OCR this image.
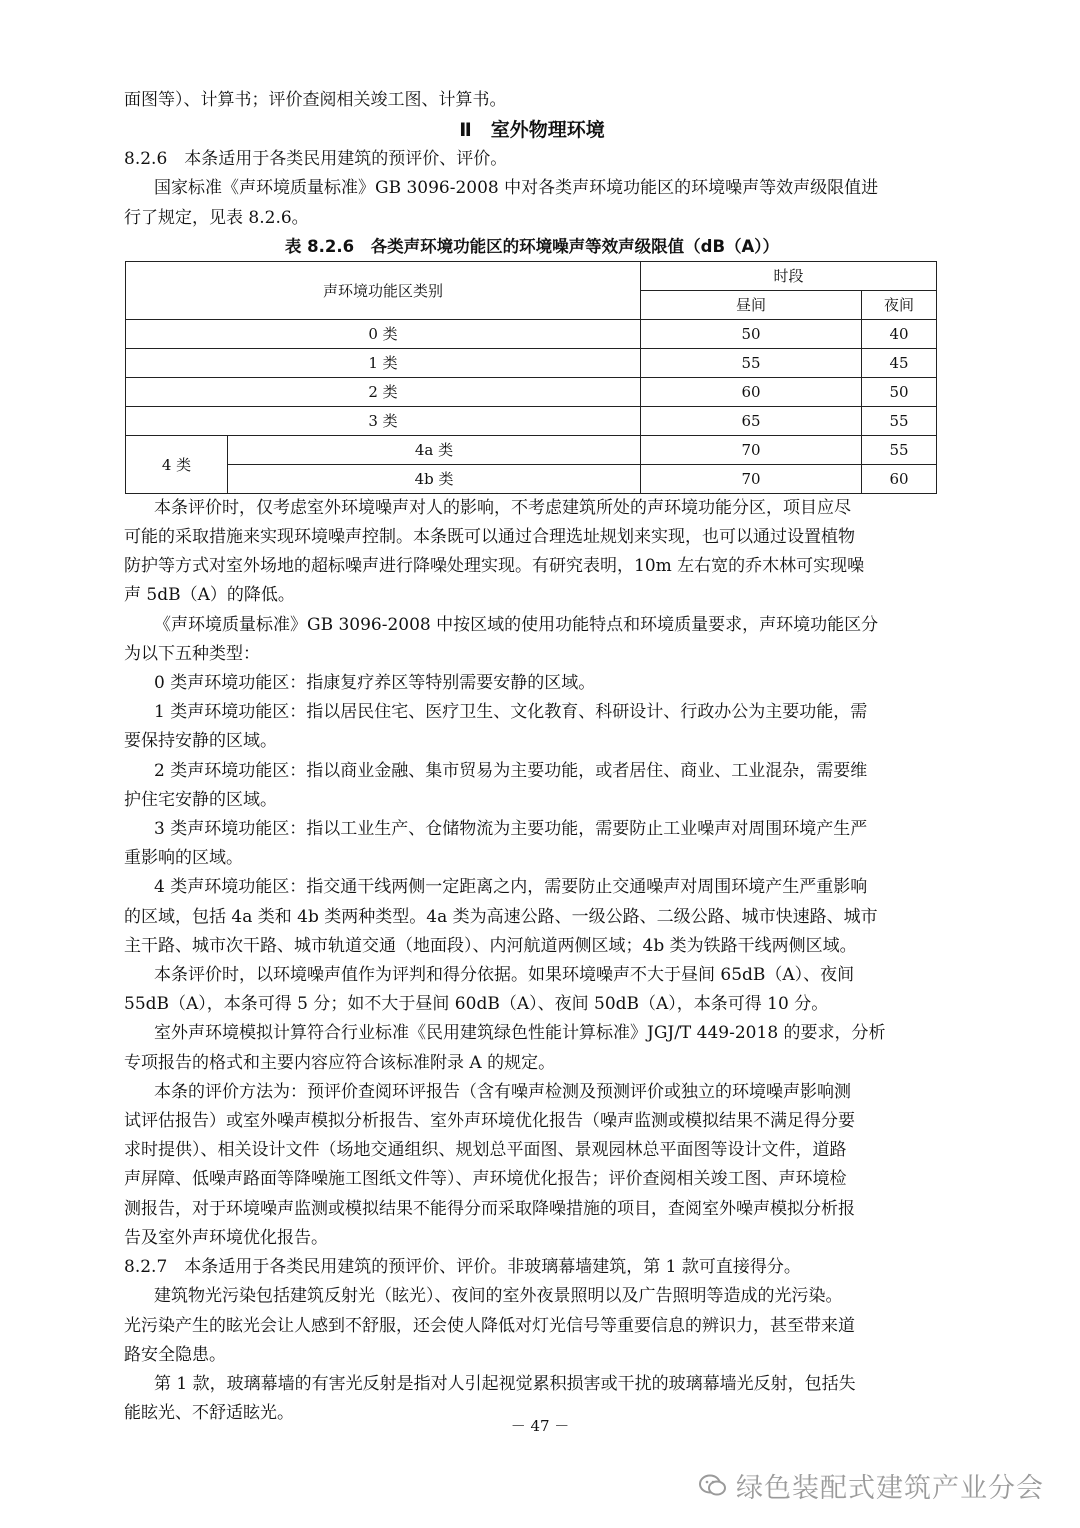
面图等）、计算书；评价查阅相关竣工图、计算书。
Ⅱ　室外物理环境
8.2.6　本条适用于各类民用建筑的预评价、评价。
国家标准《声环境质量标准》GB 3096-2008 中对各类声环境功能区的环境噪声等效声级限值进
行了规定，见表 8.2.6。
表 8.2.6　各类声环境功能区的环境噪声等效声级限值（dB（A））
声环境功能区类别		时段	
		昼间	夜间
0 类		50	40
1 类		55	45
2 类		60	50
3 类		65	55
4 类	4a 类	70	55
	4b 类	70	60
本条评价时，仅考虑室外环境噪声对人的影响，不考虑建筑所处的声环境功能分区，项目应尽
可能的采取措施来实现环境噪声控制。本条既可以通过合理选址规划来实现，也可以通过设置植物
防护等方式对室外场地的超标噪声进行降噪处理实现。有研究表明，10m 左右宽的乔木林可实现噪
声 5dB（A）的降低。
《声环境质量标准》GB 3096-2008 中按区域的使用功能特点和环境质量要求，声环境功能区分
为以下五种类型：
0 类声环境功能区：指康复疗养区等特别需要安静的区域。
1 类声环境功能区：指以居民住宅、医疗卫生、文化教育、科研设计、行政办公为主要功能，需
要保持安静的区域。
2 类声环境功能区：指以商业金融、集市贸易为主要功能，或者居住、商业、工业混杂，需要维
护住宅安静的区域。
3 类声环境功能区：指以工业生产、仓储物流为主要功能，需要防止工业噪声对周围环境产生严
重影响的区域。
4 类声环境功能区：指交通干线两侧一定距离之内，需要防止交通噪声对周围环境产生严重影响
的区域，包括 4a 类和 4b 类两种类型。4a 类为高速公路、一级公路、二级公路、城市快速路、城市
主干路、城市次干路、城市轨道交通（地面段）、内河航道两侧区域；4b 类为铁路干线两侧区域。
本条评价时，以环境噪声值作为评判和得分依据。如果环境噪声不大于昼间 65dB（A）、夜间
55dB（A），本条可得 5 分；如不大于昼间 60dB（A）、夜间 50dB（A），本条可得 10 分。
室外声环境模拟计算符合行业标准《民用建筑绿色性能计算标准》JGJ/T 449-2018 的要求，分析
专项报告的格式和主要内容应符合该标准附录 A 的规定。
本条的评价方法为：预评价查阅环评报告（含有噪声检测及预测评价或独立的环境噪声影响测
试评估报告）或室外噪声模拟分析报告、室外声环境优化报告（噪声监测或模拟结果不满足得分要
求时提供）、相关设计文件（场地交通组织、规划总平面图、景观园林总平面图等设计文件，道路
声屏障、低噪声路面等降噪施工图纸文件等）、声环境优化报告；评价查阅相关竣工图、声环境检
测报告，对于环境噪声监测或模拟结果不能得分而采取降噪措施的项目，查阅室外噪声模拟分析报
告及室外声环境优化报告。
8.2.7　本条适用于各类民用建筑的预评价、评价。非玻璃幕墙建筑，第 1 款可直接得分。
建筑物光污染包括建筑反射光（眩光）、夜间的室外夜景照明以及广告照明等造成的光污染。
光污染产生的眩光会让人感到不舒服，还会使人降低对灯光信号等重要信息的辨识力，甚至带来道
路安全隐患。
第 1 款，玻璃幕墙的有害光反射是指对人引起视觉累积损害或干扰的玻璃幕墙光反射，包括失
能眩光、不舒适眩光。
－ 47 －
绿色装配式建筑产业分会
